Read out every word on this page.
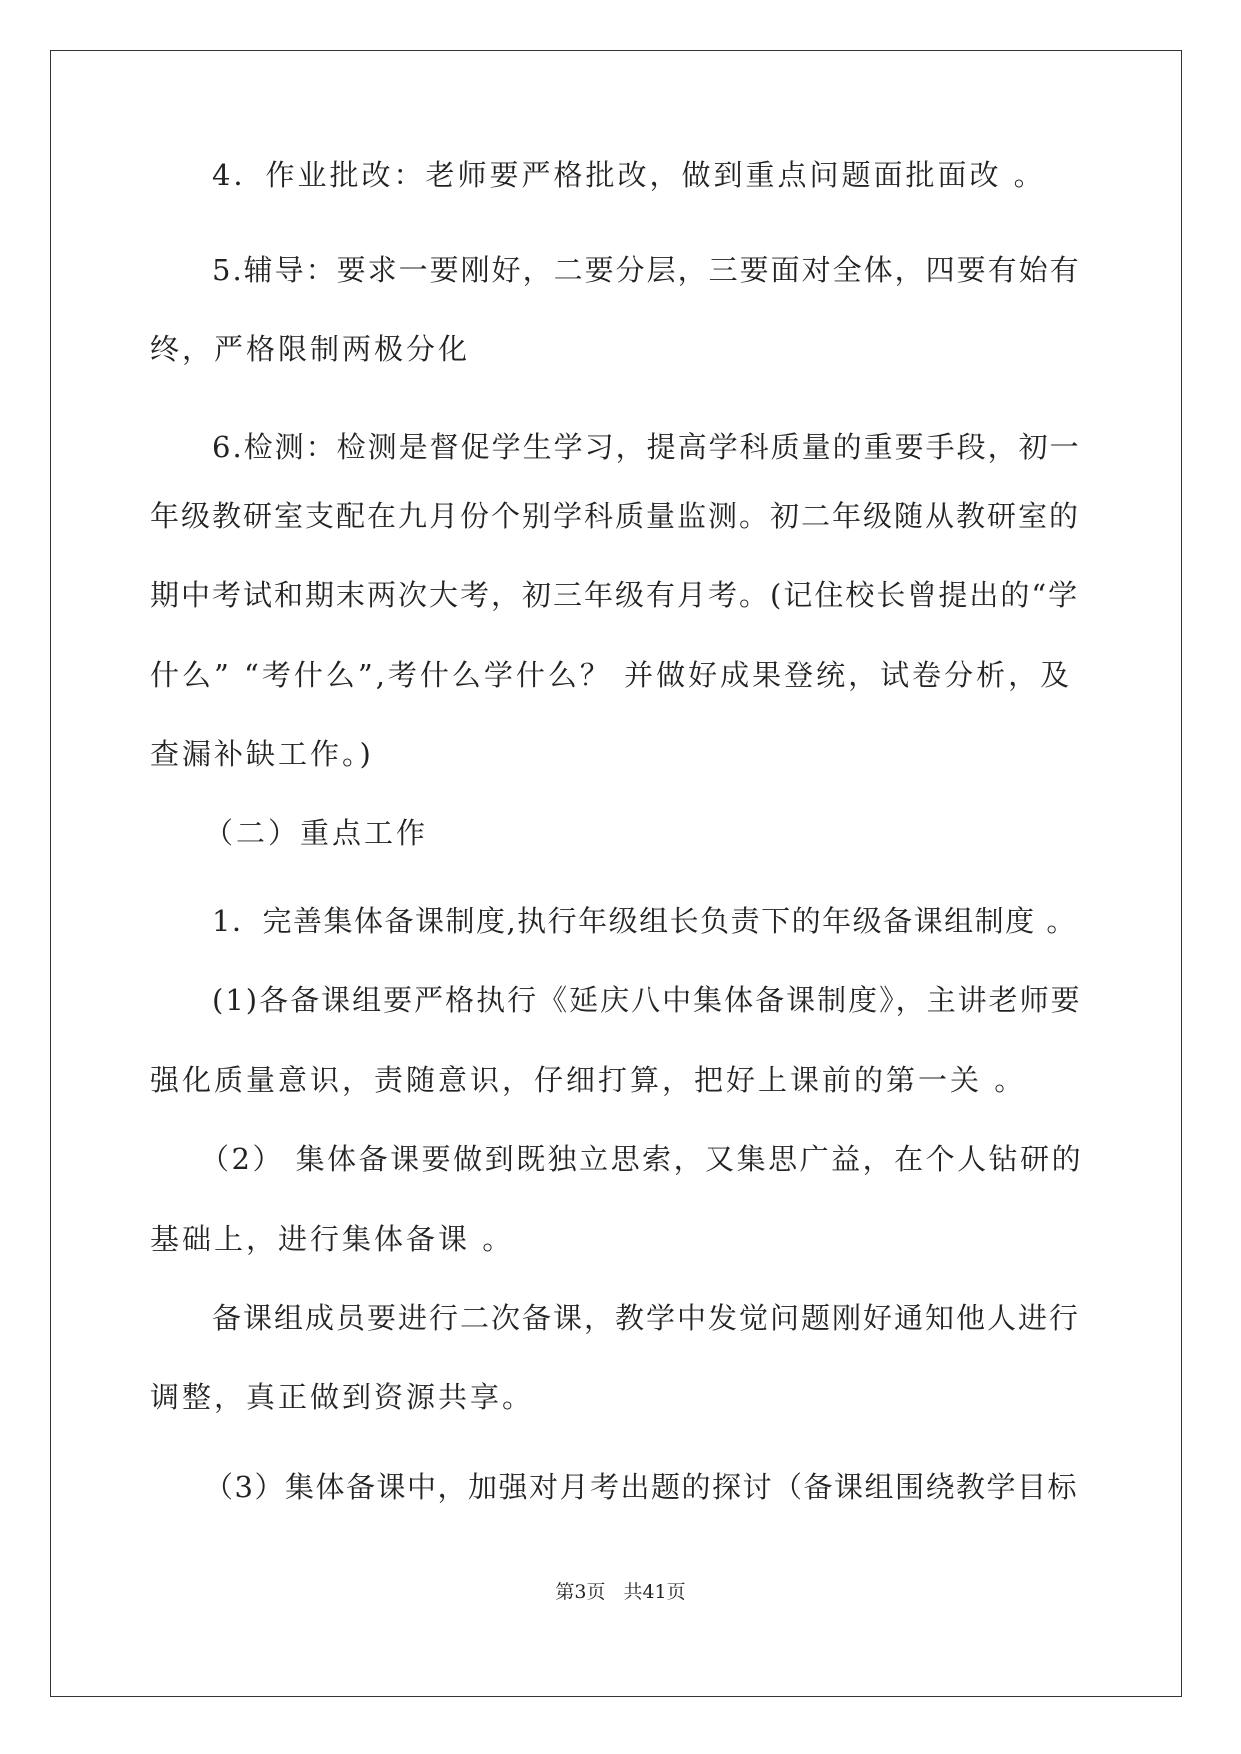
4．作业批改：老师要严格批改，做到重点问题面批面改 。

5.辅导：要求一要刚好，二要分层，三要面对全体，四要有始有

终，严格限制两极分化

6.检测：检测是督促学生学习，提高学科质量的重要手段，初一

年级教研室支配在九月份个别学科质量监测。初二年级随从教研室的

期中考试和期末两次大考，初三年级有月考。(记住校长曾提出的“学

什么” “考什么”,考什么学什么？ 并做好成果登统，试卷分析，及

查漏补缺工作。)

（二）重点工作

1．完善集体备课制度,执行年级组长负责下的年级备课组制度 。

(1)各备课组要严格执行《延庆八中集体备课制度》，主讲老师要

强化质量意识，责随意识，仔细打算，把好上课前的第一关 。

（2） 集体备课要做到既独立思索，又集思广益，在个人钻研的

基础上，进行集体备课 。

备课组成员要进行二次备课，教学中发觉问题刚好通知他人进行

调整，真正做到资源共享。

（3）集体备课中，加强对月考出题的探讨（备课组围绕教学目标

第3页 共41页
